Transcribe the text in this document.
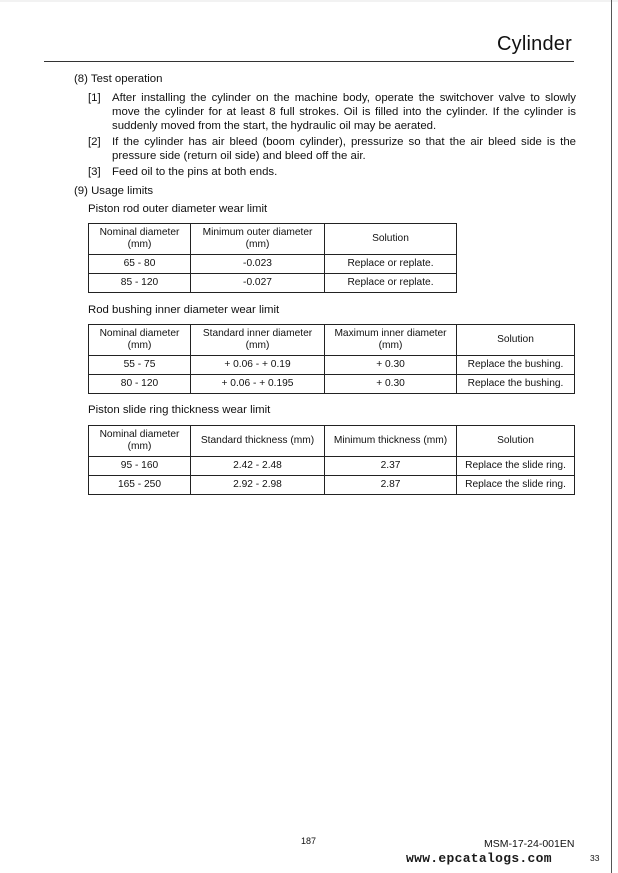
Cylinder
(8) Test operation
[1] After installing the cylinder on the machine body, operate the switchover valve to slowly move the cylinder for at least 8 full strokes. Oil is filled into the cylinder. If the cylinder is suddenly moved from the start, the hydraulic oil may be aerated.
[2] If the cylinder has air bleed (boom cylinder), pressurize so that the air bleed side is the pressure side (return oil side) and bleed off the air.
[3] Feed oil to the pins at both ends.
(9) Usage limits
Piston rod outer diameter wear limit
Nominal diameter (mm)	Minimum outer diameter (mm)	Solution
65 - 80	-0.023	Replace or replate.
85 - 120	-0.027	Replace or replate.
Rod bushing inner diameter wear limit
Nominal diameter (mm)	Standard inner diameter (mm)	Maximum inner diameter (mm)	Solution
55 - 75	+ 0.06 - + 0.19	+ 0.30	Replace the bushing.
80 - 120	+ 0.06 - + 0.195	+ 0.30	Replace the bushing.
Piston slide ring thickness wear limit
Nominal diameter (mm)	Standard thickness (mm)	Minimum thickness (mm)	Solution
95 - 160	2.42 - 2.48	2.37	Replace the slide ring.
165 - 250	2.92 - 2.98	2.87	Replace the slide ring.
187	MSM-17-24-001EN
www.epcatalogs.com	33
